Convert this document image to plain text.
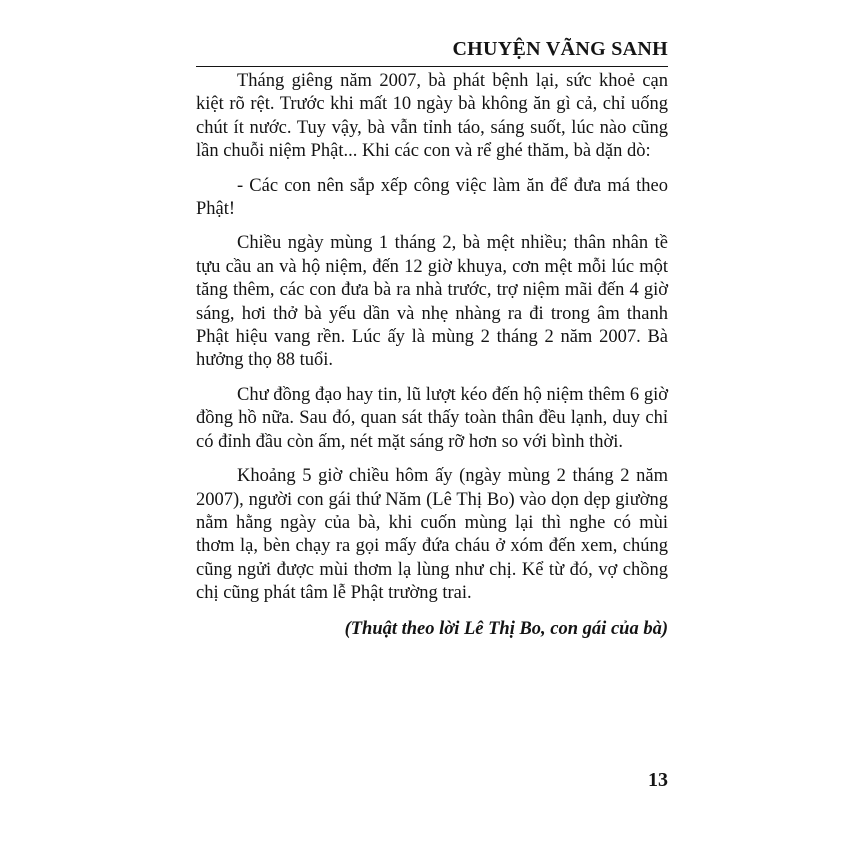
CHUYỆN VÃNG SANH

Tháng giêng năm 2007, bà phát bệnh lại, sức khoẻ cạn kiệt rõ rệt. Trước khi mất 10 ngày bà không ăn gì cả, chỉ uống chút ít nước. Tuy vậy, bà vẫn tỉnh táo, sáng suốt, lúc nào cũng lần chuỗi niệm Phật... Khi các con và rể ghé thăm, bà dặn dò:

- Các con nên sắp xếp công việc làm ăn để đưa má theo Phật!

Chiều ngày mùng 1 tháng 2, bà mệt nhiều; thân nhân tề tựu cầu an và hộ niệm, đến 12 giờ khuya, cơn mệt mỗi lúc một tăng thêm, các con đưa bà ra nhà trước, trợ niệm mãi đến 4 giờ sáng, hơi thở bà yếu dần và nhẹ nhàng ra đi trong âm thanh Phật hiệu vang rền. Lúc ấy là mùng 2 tháng 2 năm 2007. Bà hưởng thọ 88 tuổi.

Chư đồng đạo hay tin, lũ lượt kéo đến hộ niệm thêm 6 giờ đồng hồ nữa. Sau đó, quan sát thấy toàn thân đều lạnh, duy chỉ có đỉnh đầu còn ấm, nét mặt sáng rỡ hơn so với bình thời.

Khoảng 5 giờ chiều hôm ấy (ngày mùng 2 tháng 2 năm 2007), người con gái thứ Năm (Lê Thị Bo) vào dọn dẹp giường nằm hằng ngày của bà, khi cuốn mùng lại thì nghe có mùi thơm lạ, bèn chạy ra gọi mấy đứa cháu ở xóm đến xem, chúng cũng ngửi được mùi thơm lạ lùng như chị. Kể từ đó, vợ chồng chị cũng phát tâm lễ Phật trường trai.

(Thuật theo lời Lê Thị Bo, con gái của bà)

13
